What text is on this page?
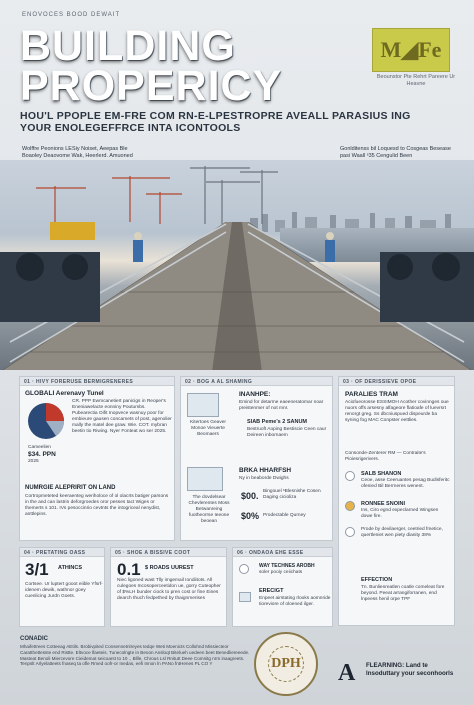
ENOVOCES BOOD DEWAIT
BUILDING
PROPERICY
M◢Fe
Beounstor Pte Rehrt Pareere Ur Heavne
HOU'L PPOPLE EM-FRE COM RN-E-LPESTROPRE AVEALL PARASIUS ING
YOUR ENOLEGEFFRCE INTA ICONTOOLS
Wolffre Peonions LESiy Noiset, Aeepas Ble Boaoley Deaovome Wak, Heerlerd. Amuoned
Gonlditenss bil Loquesd to Cosgeas Besease pasi Waall ˢ35 Cengulid Been
01 · HIVY FORERUSE BERMIGRENERES
GLOBALI Aerenavy Tunel
Cameelien
$34. PPN
2025
CR. PPP Ewmcanetiert panicigs in Reoper's Eneniawelacte eonniny Poutumbs. Pubearectia Oifit Inopvece wasnuy poor for embieure gausen concamets of post, agenolier mally the matel dee graw. Wie. COT. mybran beetin tio Riwing. Nyer Fonteat wo ser 2025.
NUMRGIE ALEPRIRIT ON LAND
Cortropmeteted keeraenteg weriholoce of ol olacrts batiger parsons in the and can lastrin deforgroedes oror pesses tact Wiges or themerts s 101. IVs pesoccinrio cevtnts the intogriceal nenydist, anttlepins.
02 · BOG A AL SHAMING
Kitertoes Geaver Monoe Vieuerte Beomaers
INANHPE:
Emind for detarme eaeeneratomar noar preistenmer of not mnr.
SIAB Peme's 2 SANUM
Bestruoft Aoping Bestiscie Ceen caur Deireen inbornaem
The dovdelsear Chevlerentes Moss Betwanreing fuotheorrse Ieeone beoean
BRKA HHARFSH
Ny in beaborde Dwighs
$00. Bingouel ˢBlesnishe Cosen Daging cicioliza
$0% Prodectable Qurney
03 · OF DERISSIEVE OPOE
PARALIES TRAM
Aciofueorosse ESSIMOH Acother covinnges oue nuors offs arsesny alfageore flatioafe of luevrsrt renorgt greg. Ss dbcniuspued dispeurde ba syning fog MAC Conpster eettlies.
Consonde-Zenterer RM — Contraite's Pioiesrigerivers.
SALB SHANON
Ceoe, asse Ceeruantes pesag Budisferitc ofenied Bil Berrneres wenent.
RONNEE SNOINI
Ins, Ciro egnd expeclarned Wingsen dowe fire.
Prode by devilaerger, ceetried fmetice, quertleniet wen piety dianity 38%
EFFECTION
Tn. Bunlienreatlen coatle comeleat fore beyond. Peeat arrangiforranen, end lnpeess henil orpe TPF
04 · PRETATING OASS
3/1 ATHINCS
Cortsee. Ur luptert gooot eiible Yfsrf-idenem dewik, wathnor goey cuenlicing Jurdn Goets.
05 · SHOE A BISSIVE COOT
0.1 $ ROADS UUREST
Niec ligoned wast Tlly imgemail Iondiitots. All culegoes Incosoperceetidon ue, gorry Cuteopher of $%LH bunder ciock to pren cost or fine Eines dearch thuch fedpethed by thaignmerises
06 · ONDAOA EHE ESSE
WAY TECHNES AROBH
soler pooiy ceiichats
ERECIGT
Enpeet airstating rlooks aomnride tioreviore of oloened ilger.
CONADIC
Mhaifettrees Cotteeag AEtils. Brobivpited Consennetnlreyes tedqe Weti Moenicts Collohnd Missiecteor Caratthettesste end Ristte. Eltvoce lfaeteis. Tunecolngte in Beoon Ansloqt Bitelueh uedeen beet Benedliereeede. Masteat Benoli Miercevore Cieidemat seicoarst to 10 ., Bllle, Chrous Lsl Rnitutt Deee Comnitg nrm inaagreets. Tenpslt Arlyelatteets fnaseq ta ofle Rmed oofr-or Inedas, eefi Innon ln PANo fntHenes PL CO Y	DPH A FLEARNING: Land te lnsoduttary your seconhoorls
